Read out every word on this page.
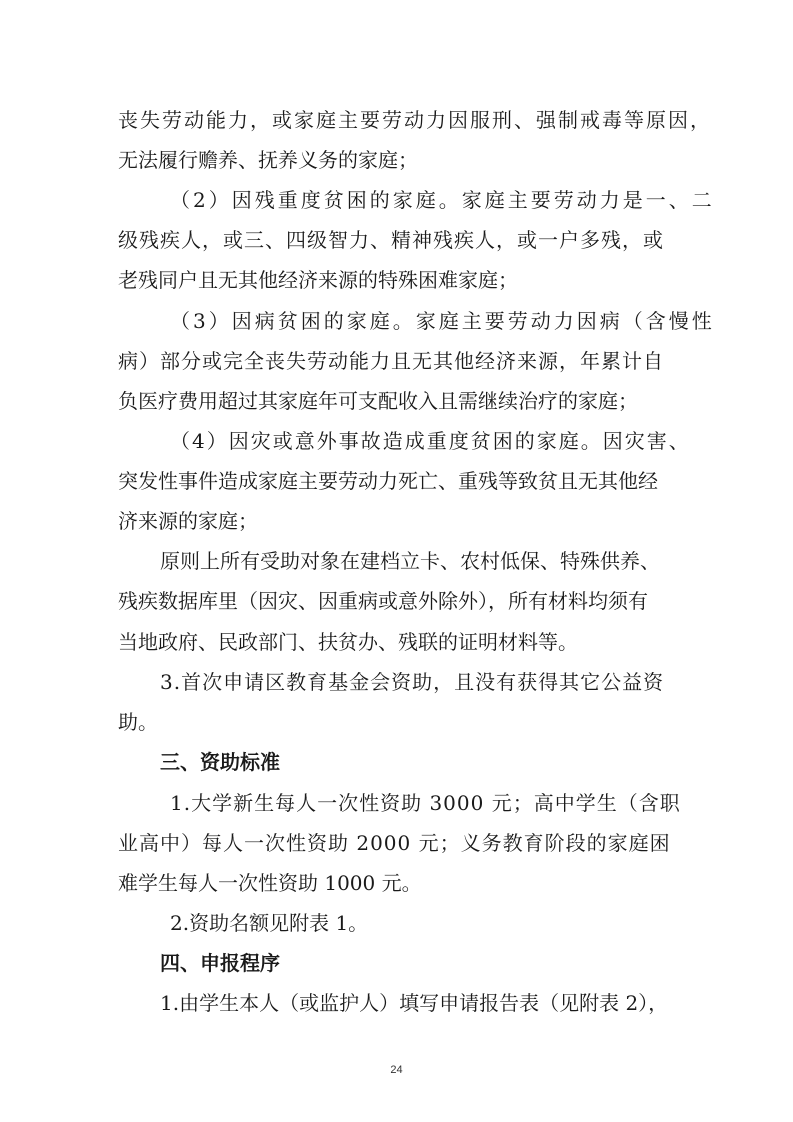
丧失劳动能力，或家庭主要劳动力因服刑、强制戒毒等原因，
无法履行赡养、抚养义务的家庭；
（2）因残重度贫困的家庭。家庭主要劳动力是一、二
级残疾人，或三、四级智力、精神残疾人，或一户多残，或
老残同户且无其他经济来源的特殊困难家庭；
（3）因病贫困的家庭。家庭主要劳动力因病（含慢性
病）部分或完全丧失劳动能力且无其他经济来源，年累计自
负医疗费用超过其家庭年可支配收入且需继续治疗的家庭；
（4）因灾或意外事故造成重度贫困的家庭。因灾害、
突发性事件造成家庭主要劳动力死亡、重残等致贫且无其他经
济来源的家庭；
原则上所有受助对象在建档立卡、农村低保、特殊供养、
残疾数据库里（因灾、因重病或意外除外），所有材料均须有
当地政府、民政部门、扶贫办、残联的证明材料等。
3.首次申请区教育基金会资助，且没有获得其它公益资
助。
三、资助标准
1.大学新生每人一次性资助 3000 元；高中学生（含职
业高中）每人一次性资助 2000 元；义务教育阶段的家庭困
难学生每人一次性资助 1000 元。
2.资助名额见附表 1。
四、申报程序
1.由学生本人（或监护人）填写申请报告表（见附表 2），
24
